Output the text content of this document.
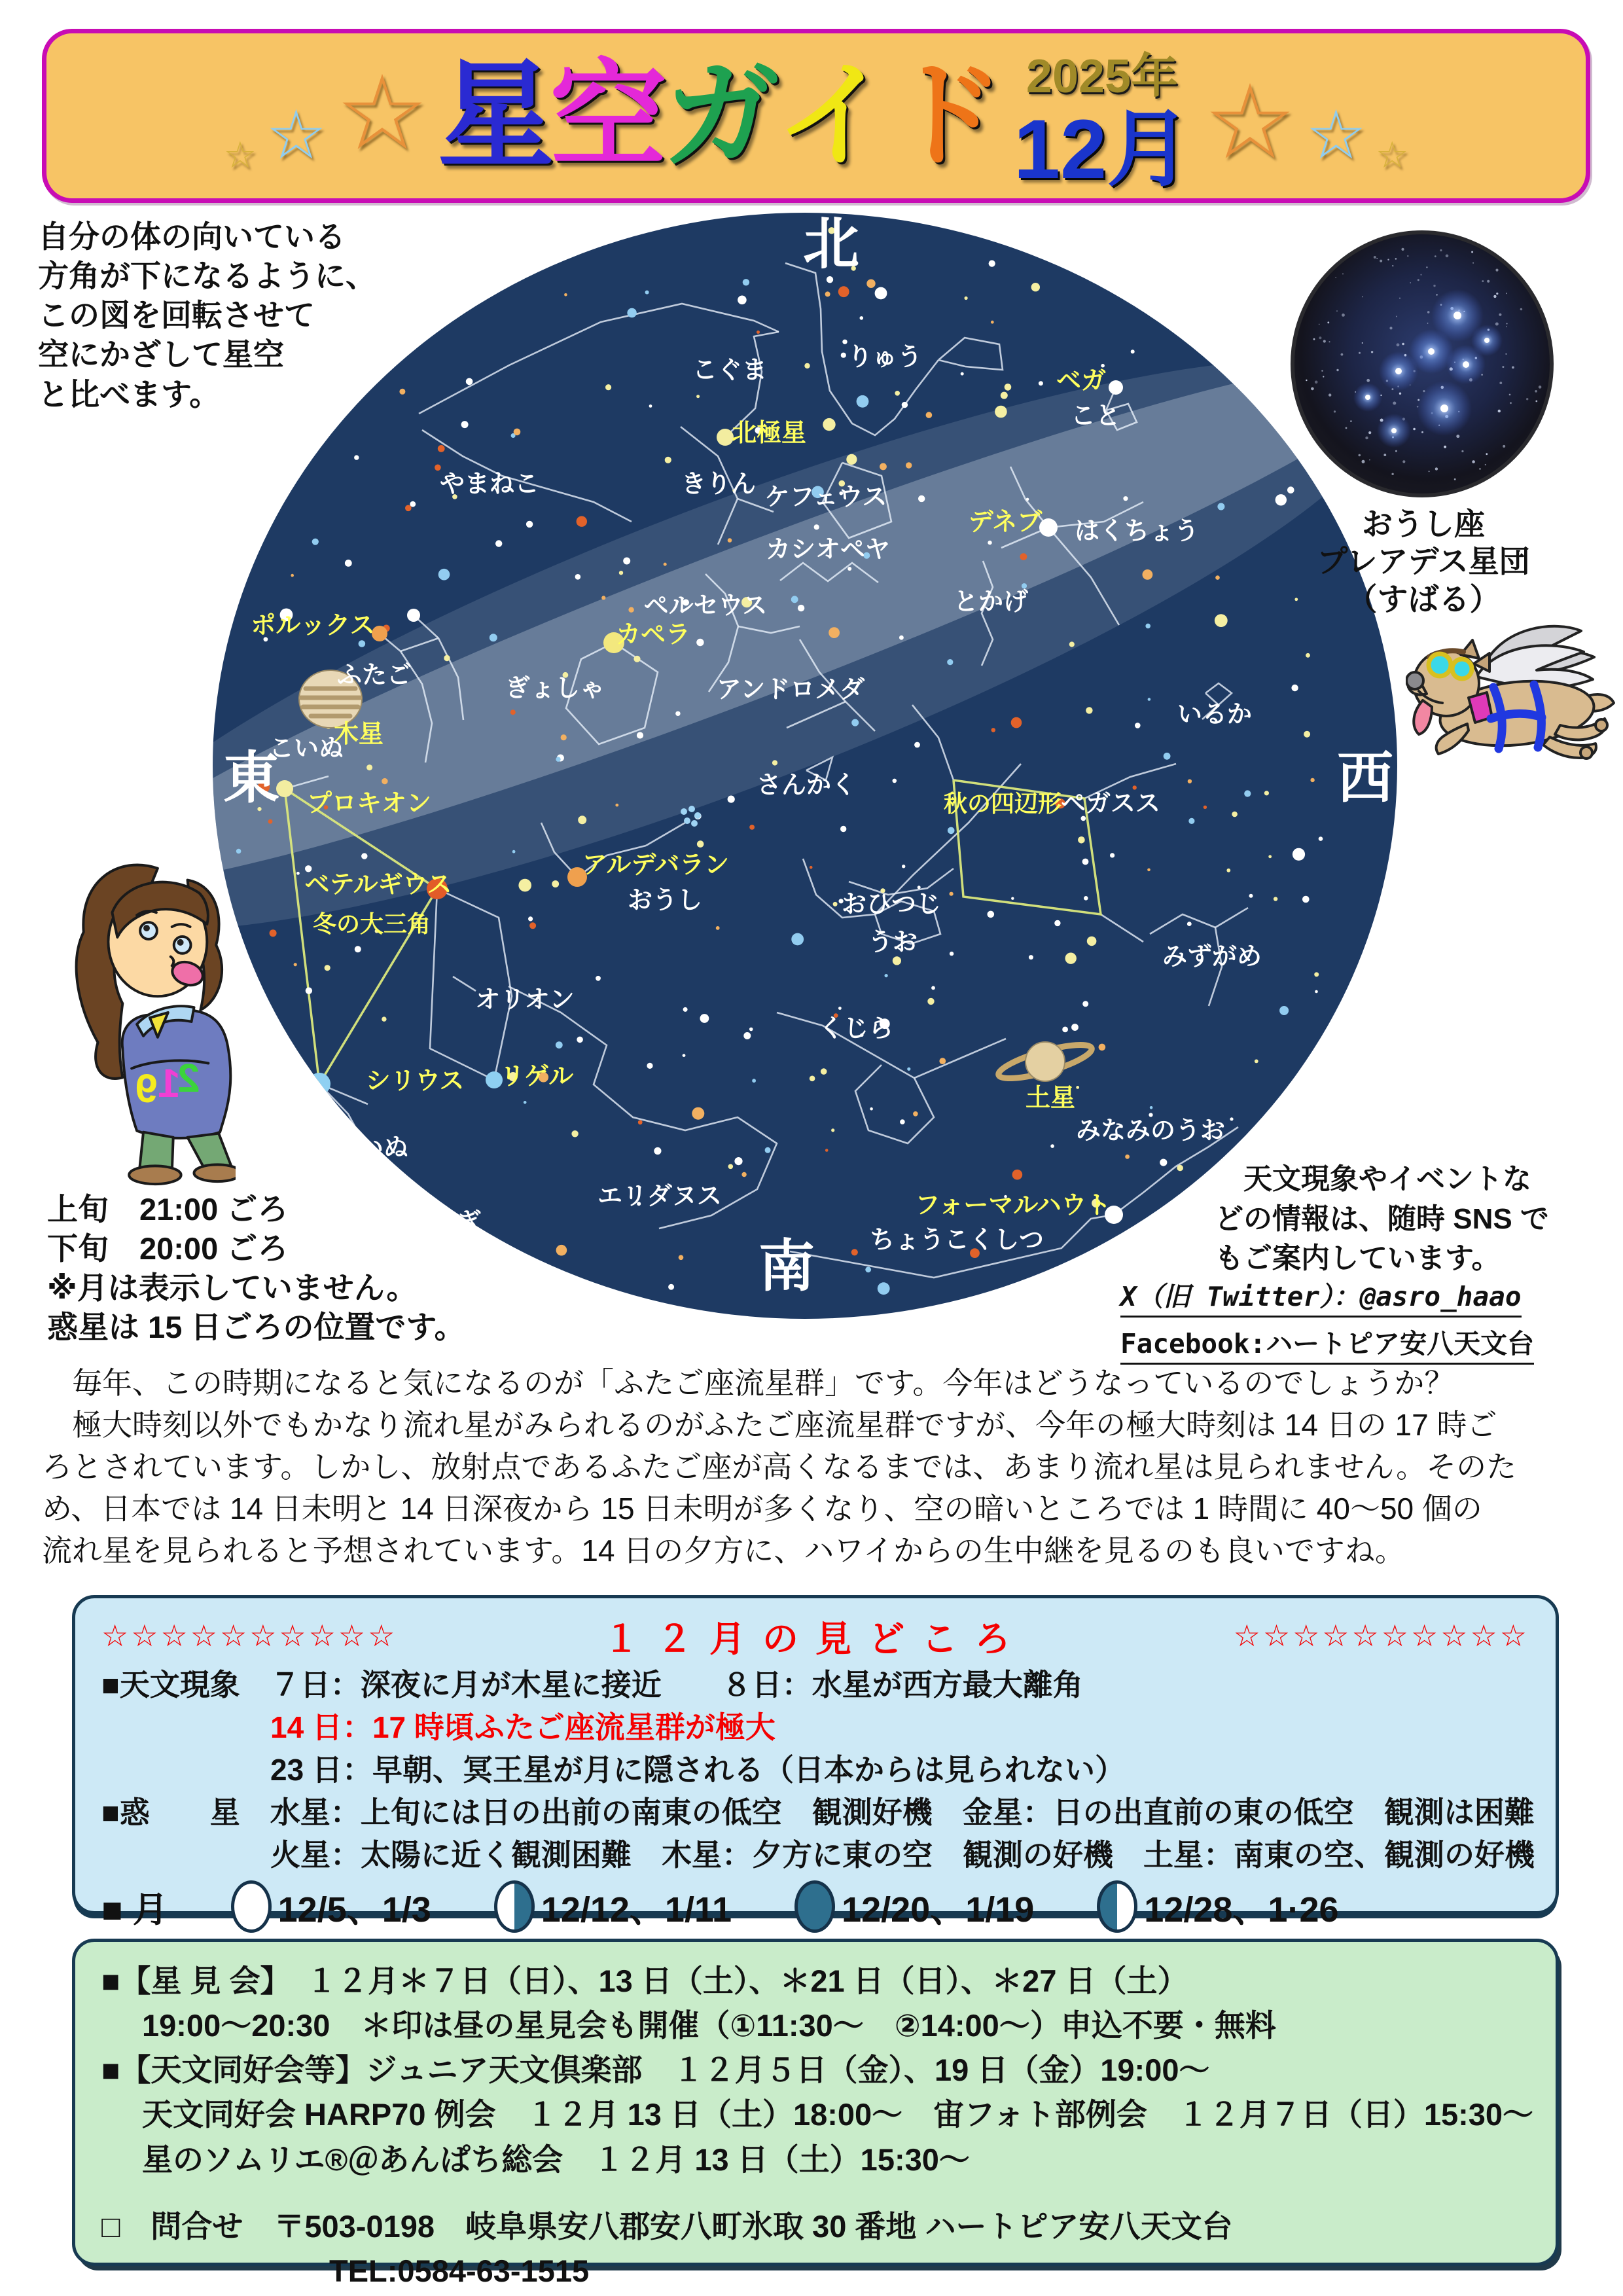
☆ ☆ ☆ 星 空 ガ イ ド 2025年
12月 ☆ ☆ ☆
自分の体の向いている
方角が下になるように、
この図を回転させて
空にかざして星空
と比べます。
こぐま	りゅう
北極星
ベガ
こと
きりん ケフェウス
デネブ はくちょう
やまねこ
カシオペヤ
ペルセウス	とかげ
ポルックス	カペラ
ふたご	ぎょしゃ	アンドロメダ
木星
こいぬ
いるか
プロキオン
さんかく
秋の四辺形
ペガスス
アルデバラン
おうし	おひつじ
うお
ベテルギウス
冬の大三角
オリオン
みずがめ
シリウス リゲル
くじら
土星
おおいぬ
うさぎ
エリダヌス
みなみのうお
フォーマルハウト
ちょうこくしつ
北
東	西
南
おうし座
プレアデス星団
（すばる）
9 1
2
上旬　21:00 ごろ
下旬　20:00 ごろ
※月は表示していません。
惑星は 15 日ごろの位置です。
天文現象やイベントな
どの情報は、随時 SNS で
もご案内しています。
X（旧 Twitter）：@asro_haao
Facebook:ハートピア安八天文台
　毎年、この時期になると気になるのが「ふたご座流星群」です。今年はどうなっているのでしょうか？
　極大時刻以外でもかなり流れ星がみられるのがふたご座流星群ですが、今年の極大時刻は 14 日の 17 時ご
ろとされています。しかし、放射点であるふたご座が高くなるまでは、あまり流れ星は見られません。そのた
め、日本では 14 日未明と 14 日深夜から 15 日未明が多くなり、空の暗いところでは 1 時間に 40～50 個の
流れ星を見られると予想されています。14 日の夕方に、ハワイからの生中継を見るのも良いですね。
☆☆☆☆☆☆☆☆☆☆	１２月の見どころ	☆☆☆☆☆☆☆☆☆☆
■天文現象　７日：深夜に月が木星に接近　　８日：水星が西方最大離角
14 日：17 時頃ふたご座流星群が極大
23 日：早朝、冥王星が月に隠される（日本からは見られない）
■惑　　星　水星：上旬には日の出前の南東の低空　観測好機　金星：日の出直前の東の低空　観測は困難
火星：太陽に近く観測困難　木星：夕方に東の空　観測の好機　土星：南東の空、観測の好機
■ 月	12/5、1/3	12/12、1/11	12/20、1/19	12/28、1·26
■【星 見 会】　１２月＊７日（日）、13 日（土）、＊21 日（日）、＊27 日（土）
19:00～20:30　＊印は昼の星見会も開催（①11:30～　②14:00～）申込不要・無料
■【天文同好会等】ジュニア天文倶楽部　１２月５日（金）、19 日（金）19:00～
天文同好会 HARP70 例会　１２月 13 日（土）18:00～　宙フォト部例会　１２月７日（日）15:30～
星のソムリエ®＠あんぱち総会　１２月 13 日（土）15:30～
□　問合せ　〒503-0198　岐阜県安八郡安八町氷取 30 番地 ハートピア安八天文台
TEL:0584-63-1515
